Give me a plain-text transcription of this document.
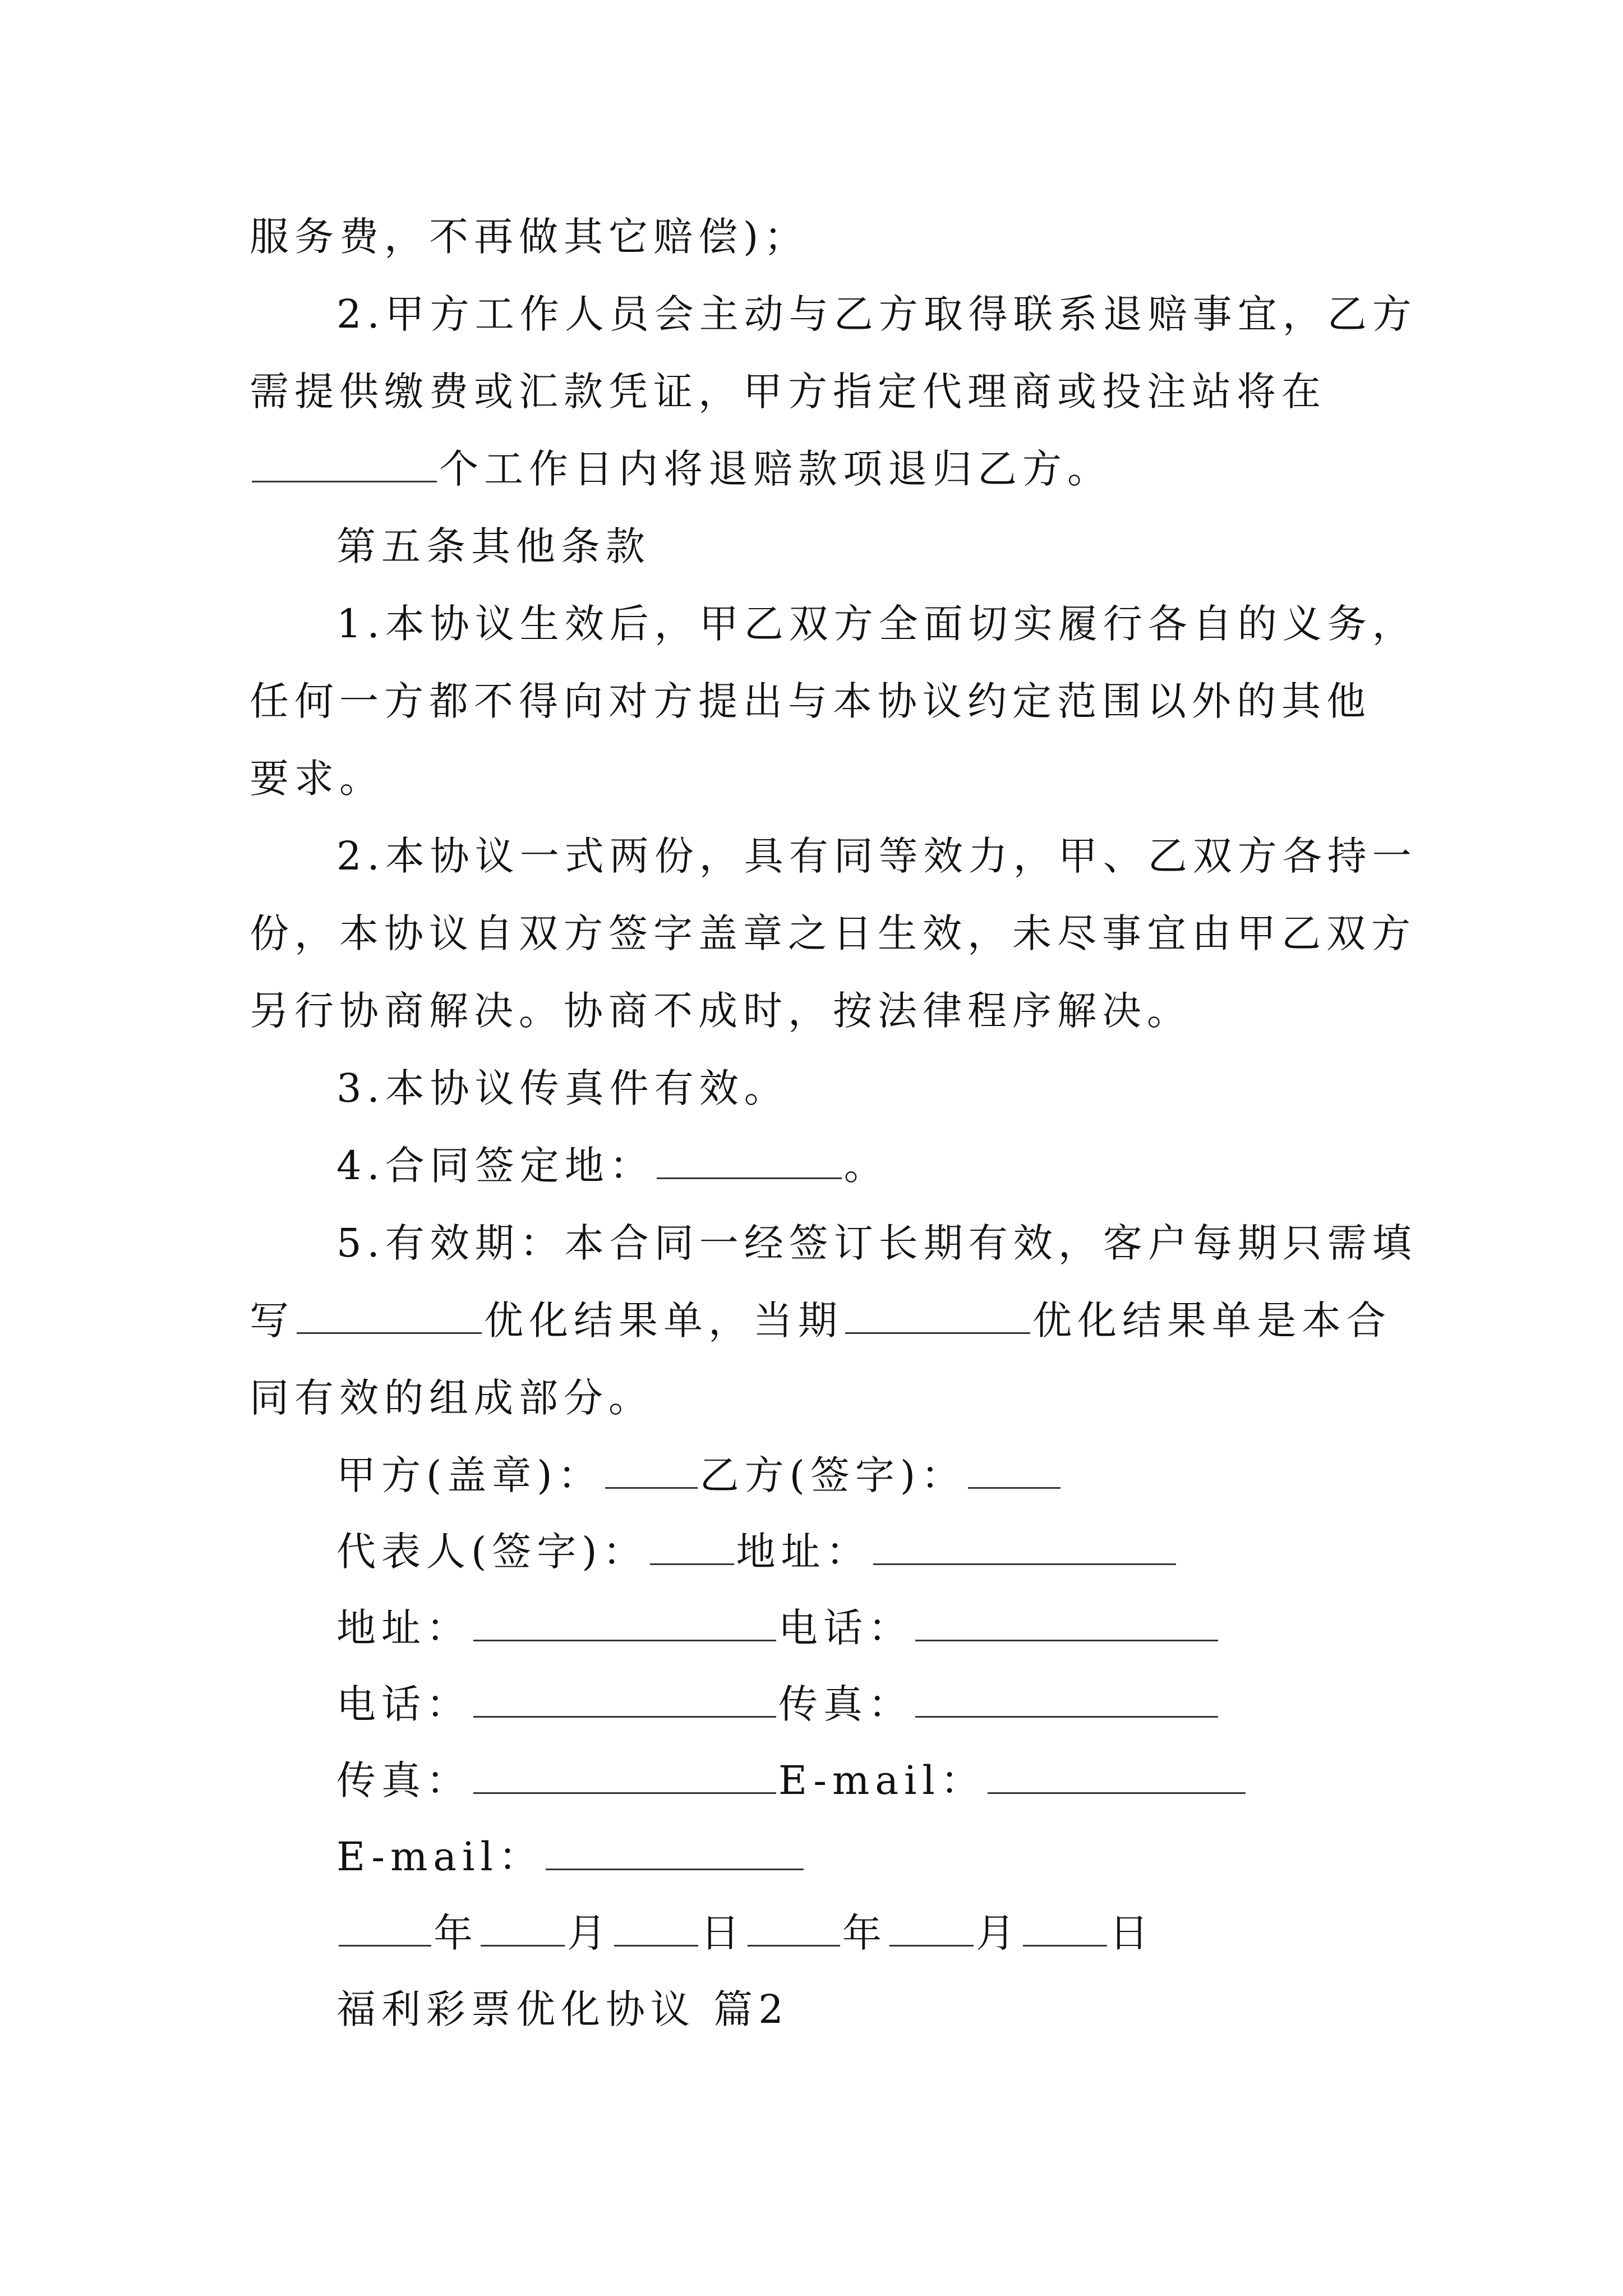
服务费，不再做其它赔偿)；
2.甲方工作人员会主动与乙方取得联系退赔事宜，乙方
需提供缴费或汇款凭证，甲方指定代理商或投注站将在
个工作日内将退赔款项退归乙方。
第五条其他条款
1.本协议生效后，甲乙双方全面切实履行各自的义务，
任何一方都不得向对方提出与本协议约定范围以外的其他
要求。
2.本协议一式两份，具有同等效力，甲、乙双方各持一
份，本协议自双方签字盖章之日生效，未尽事宜由甲乙双方
另行协商解决。协商不成时，按法律程序解决。
3.本协议传真件有效。
4.合同签定地：	。
5.有效期：本合同一经签订长期有效，客户每期只需填
写	优化结果单，当期	优化结果单是本合
同有效的组成部分。
甲方(盖章)： 乙方(签字)：
代表人(签字)： 地址：
地址：	电话：
电话：	传真：
传真：	E-mail：
E-mail：
年 月 日 年 月 日
福利彩票优化协议 篇2
